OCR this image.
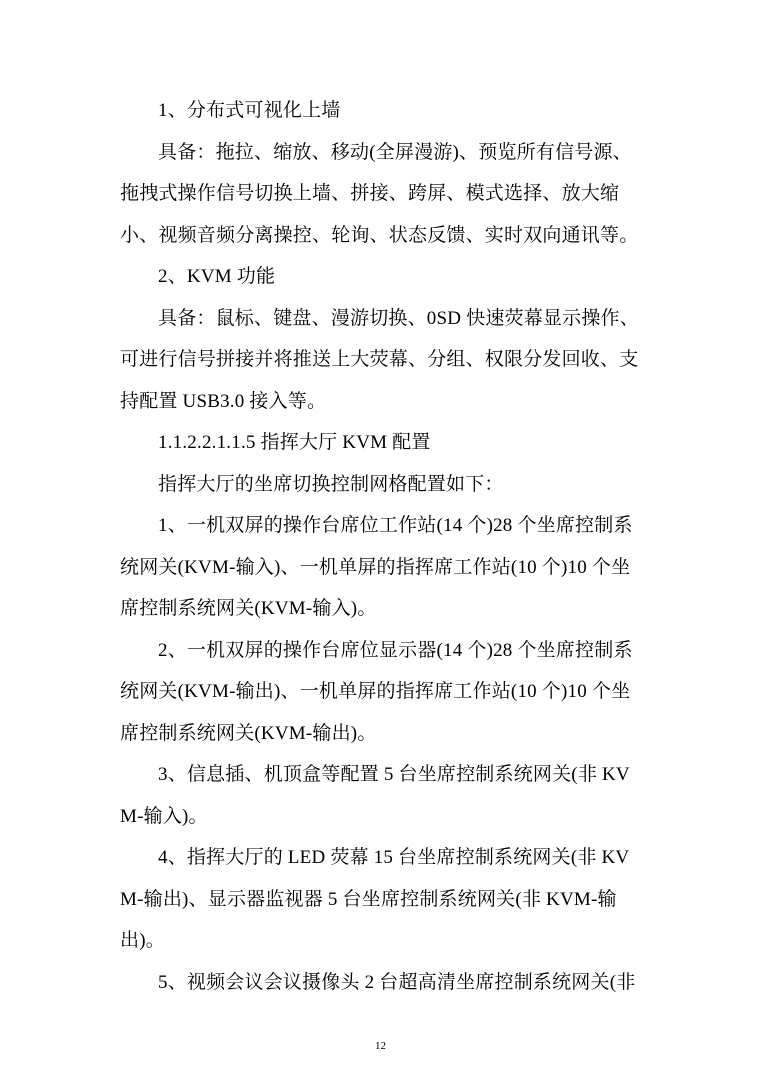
1、分布式可视化上墙

具备：拖拉、缩放、移动(全屏漫游)、预览所有信号源、拖拽式操作信号切换上墙、拼接、跨屏、模式选择、放大缩小、视频音频分离操控、轮询、状态反馈、实时双向通讯等。

2、KVM 功能

具备：鼠标、键盘、漫游切换、0SD 快速荧幕显示操作、可进行信号拼接并将推送上大荧幕、分组、权限分发回收、支持配置 USB3.0 接入等。

1.1.2.2.1.1.5 指挥大厅 KVM 配置

指挥大厅的坐席切换控制网格配置如下：

1、一机双屏的操作台席位工作站(14 个)28 个坐席控制系统网关(KVM-输入)、一机单屏的指挥席工作站(10 个)10 个坐席控制系统网关(KVM-输入)。

2、一机双屏的操作台席位显示器(14 个)28 个坐席控制系统网关(KVM-输出)、一机单屏的指挥席工作站(10 个)10 个坐席控制系统网关(KVM-输出)。

3、信息插、机顶盒等配置 5 台坐席控制系统网关(非 KVM-输入)。

4、指挥大厅的 LED 荧幕 15 台坐席控制系统网关(非 KVM-输出)、显示器监视器 5 台坐席控制系统网关(非 KVM-输出)。

5、视频会议会议摄像头 2 台超高清坐席控制系统网关(非

12
